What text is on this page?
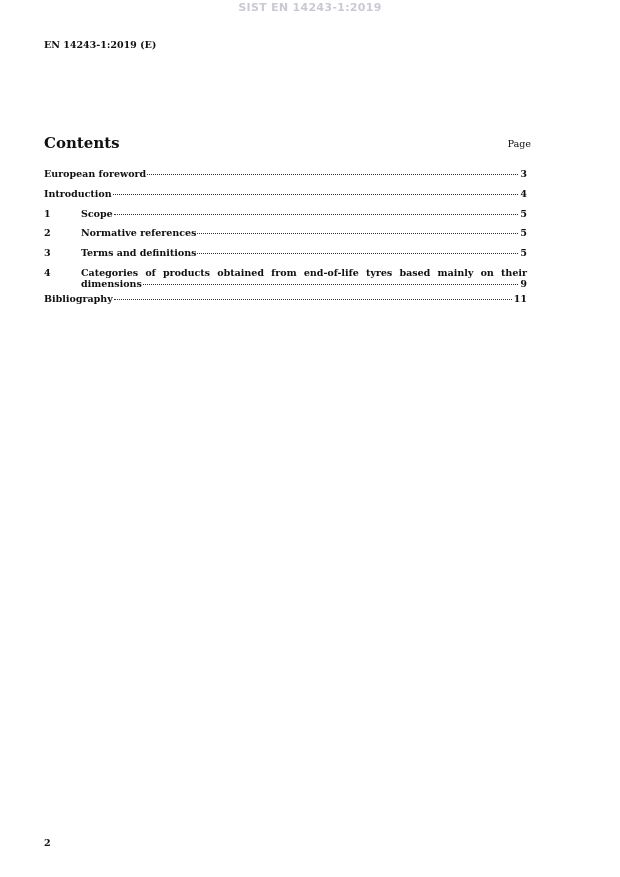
SIST EN 14243-1:2019
EN 14243-1:2019 (E)
Contents	Page
European foreword	3
Introduction	4
1	Scope	5
2	Normative references	5
3	Terms and definitions	5
4	Categories of products obtained from end-of-life tyres based mainly on their
dimensions	9
Bibliography	11
2
